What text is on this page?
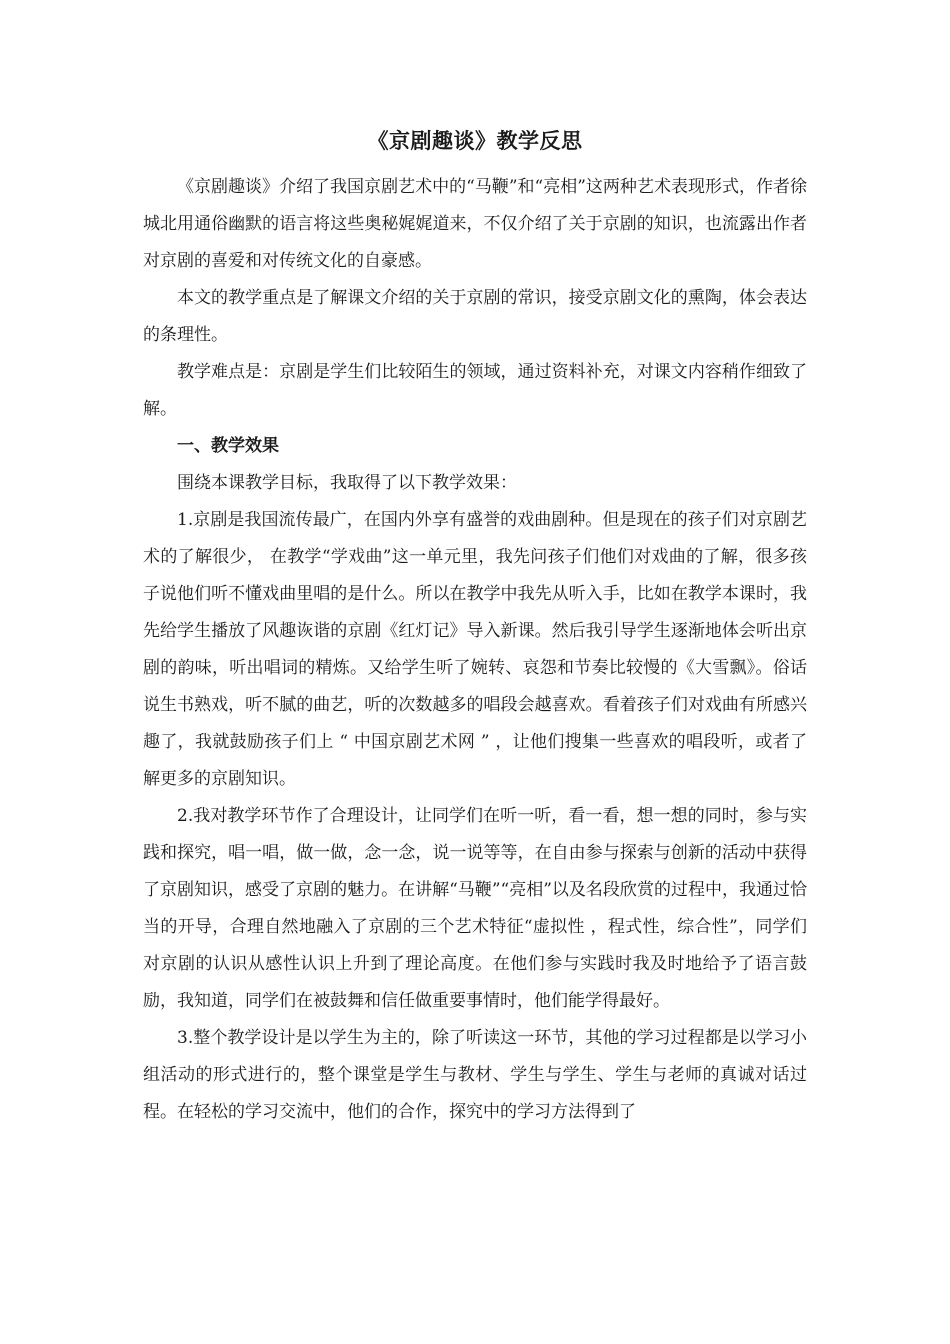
《京剧趣谈》教学反思

《京剧趣谈》介绍了我国京剧艺术中的“马鞭”和“亮相”这两种艺术表现形式，作者徐城北用通俗幽默的语言将这些奥秘娓娓道来，不仅介绍了关于京剧的知识，也流露出作者对京剧的喜爱和对传统文化的自豪感。

本文的教学重点是了解课文介绍的关于京剧的常识，接受京剧文化的熏陶，体会表达的条理性。

教学难点是：京剧是学生们比较陌生的领域，通过资料补充，对课文内容稍作细致了解。

一、教学效果

围绕本课教学目标，我取得了以下教学效果：

1.京剧是我国流传最广，在国内外享有盛誉的戏曲剧种。但是现在的孩子们对京剧艺术的了解很少， 在教学“学戏曲”这一单元里，我先问孩子们他们对戏曲的了解，很多孩子说他们听不懂戏曲里唱的是什么。所以在教学中我先从听入手，比如在教学本课时，我先给学生播放了风趣诙谐的京剧《红灯记》导入新课。然后我引导学生逐渐地体会听出京剧的韵味，听出唱词的精炼。又给学生听了婉转、哀怨和节奏比较慢的《大雪飘》。俗话说生书熟戏，听不腻的曲艺，听的次数越多的唱段会越喜欢。看着孩子们对戏曲有所感兴趣了，我就鼓励孩子们上 “ 中国京剧艺术网 ” ，让他们搜集一些喜欢的唱段听，或者了解更多的京剧知识。

2.我对教学环节作了合理设计，让同学们在听一听，看一看，想一想的同时，参与实践和探究，唱一唱，做一做，念一念，说一说等等，在自由参与探索与创新的活动中获得了京剧知识，感受了京剧的魅力。在讲解“马鞭”“亮相”以及名段欣赏的过程中，我通过恰当的开导，合理自然地融入了京剧的三个艺术特征“虚拟性 ，程式性，综合性”，同学们对京剧的认识从感性认识上升到了理论高度。在他们参与实践时我及时地给予了语言鼓励，我知道，同学们在被鼓舞和信任做重要事情时，他们能学得最好。

3.整个教学设计是以学生为主的，除了听读这一环节，其他的学习过程都是以学习小组活动的形式进行的，整个课堂是学生与教材、学生与学生、学生与老师的真诚对话过程。在轻松的学习交流中，他们的合作，探究中的学习方法得到了
